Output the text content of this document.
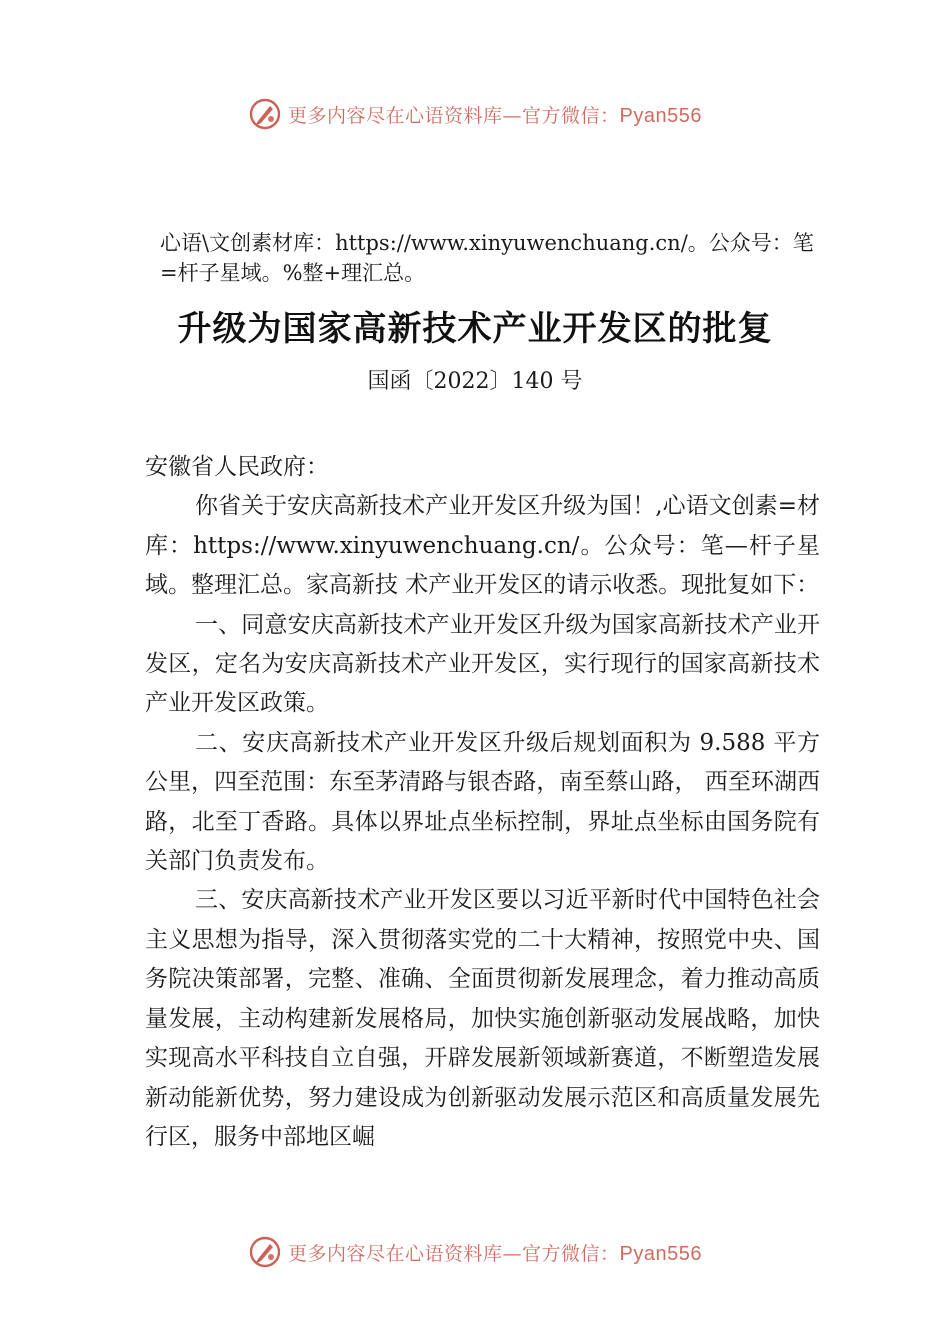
更多内容尽在心语资料库—官方微信：Pyan556
心语\文创素材库：https://www.xinyuwenchuang.cn/。公众号：笔=杆子星域。%整+理汇总。
升级为国家高新技术产业开发区的批复
国函〔2022〕140 号

安徽省人民政府：

你省关于安庆高新技术产业开发区升级为国！,心语文创素=材库：https://www.xinyuwenchuang.cn/。公众号：笔—杆子星域。整理汇总。家高新技 术产业开发区的请示收悉。现批复如下：

一、同意安庆高新技术产业开发区升级为国家高新技术产业开发区，定名为安庆高新技术产业开发区，实行现行的国家高新技术产业开发区政策。

二、安庆高新技术产业开发区升级后规划面积为 9.588 平方公里，四至范围：东至茅清路与银杏路，南至蔡山路， 西至环湖西路，北至丁香路。具体以界址点坐标控制，界址点坐标由国务院有关部门负责发布。

三、安庆高新技术产业开发区要以习近平新时代中国特色社会主义思想为指导，深入贯彻落实党的二十大精神，按照党中央、国务院决策部署，完整、准确、全面贯彻新发展理念，着力推动高质量发展，主动构建新发展格局，加快实施创新驱动发展战略，加快实现高水平科技自立自强，开辟发展新领域新赛道，不断塑造发展新动能新优势，努力建设成为创新驱动发展示范区和高质量发展先行区，服务中部地区崛

更多内容尽在心语资料库—官方微信：Pyan556
